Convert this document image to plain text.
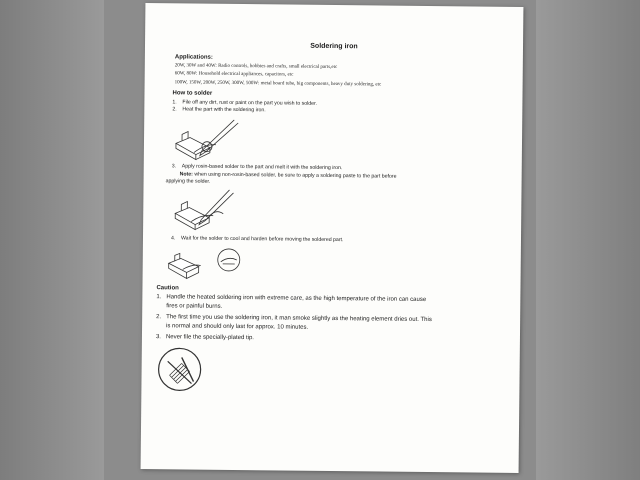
Soldering iron
Applications:
20W, 30W and 40W: Radio controls, hobbies and crafts, small electrical parts,etc
60W, 80W: Household electrical appliances, capacitors, etc
100W, 150W, 200W, 250W, 300W, 500W: metal board tube, big components, heavy duty soldering, etc
How to solder
1. File off any dirt, rust or paint on the part you wish to solder.
2. Heat the part with the soldering iron.
3. Apply rosin-based solder to the part and melt it with the soldering iron.
Note: when using non-rosin-based solder, be sure to apply a soldering paste to the part before
applying the solder.
4. Wait for the solder to cool and harden before moving the soldered part.
Caution
1. Handle the heated soldering iron with extreme care, as the high temperature of the iron can cause
fires or painful burns.
2. The first time you use the soldering iron, it man smoke slightly as the heating element dries out. This
is normal and should only last for approx. 10 minutes.
3. Never file the specially-plated tip.
